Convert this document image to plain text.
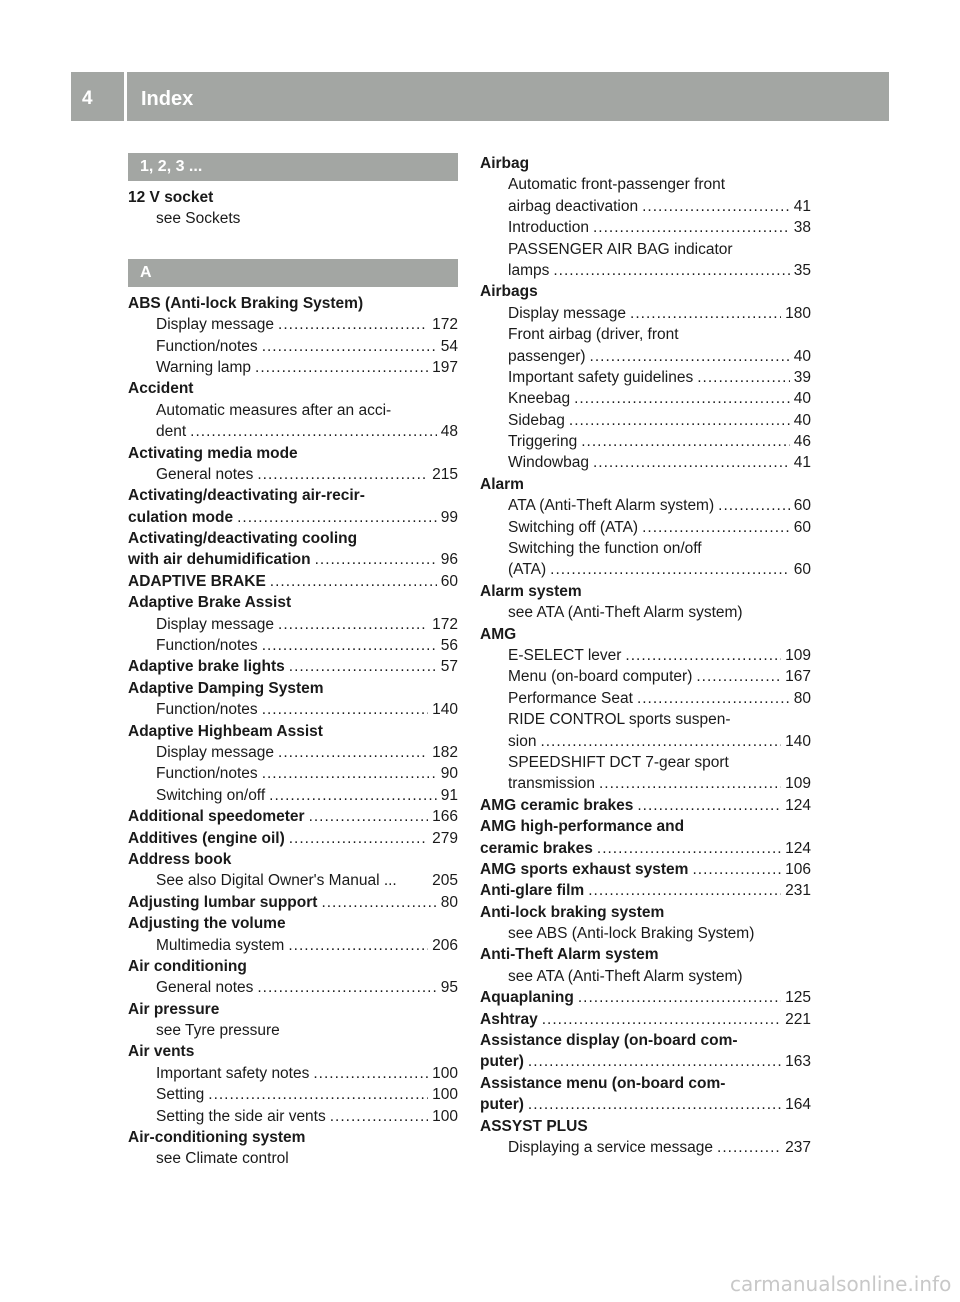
4 Index
1, 2, 3 ...
12 V socket
see Sockets
A
ABS (Anti-lock Braking System)
Display message .....	172
Function/notes .....	54
Warning lamp .....	197
Accident
Automatic measures after an acci-
dent .....	48
Activating media mode
General notes .....	215
Activating/deactivating air-recir-
culation mode .....	99
Activating/deactivating cooling
with air dehumidification .....	96
ADAPTIVE BRAKE .....	60
Adaptive Brake Assist
Display message .....	172
Function/notes .....	56
Adaptive brake lights .....	57
Adaptive Damping System
Function/notes .....	140
Adaptive Highbeam Assist
Display message .....	182
Function/notes .....	90
Switching on/off .....	91
Additional speedometer .....	166
Additives (engine oil) .....	279
Address book
See also Digital Owner's Manual ... 205
Adjusting lumbar support .....	80
Adjusting the volume
Multimedia system .....	206
Air conditioning
General notes .....	95
Air pressure
see Tyre pressure
Air vents
Important safety notes .....	100
Setting .....	100
Setting the side air vents .....	100
Air-conditioning system
see Climate control
Airbag
Automatic front-passenger front
airbag deactivation .....	41
Introduction .....	38
PASSENGER AIR BAG indicator
lamps .....	35
Airbags
Display message .....	180
Front airbag (driver, front
passenger) .....	40
Important safety guidelines .....	39
Kneebag .....	40
Sidebag .....	40
Triggering .....	46
Windowbag .....	41
Alarm
ATA (Anti-Theft Alarm system) .....	60
Switching off (ATA) .....	60
Switching the function on/off
(ATA) .....	60
Alarm system
see ATA (Anti-Theft Alarm system)
AMG
E-SELECT lever .....	109
Menu (on-board computer) .....	167
Performance Seat .....	80
RIDE CONTROL sports suspen-
sion .....	140
SPEEDSHIFT DCT 7-gear sport
transmission .....	109
AMG ceramic brakes .....	124
AMG high-performance and
ceramic brakes .....	124
AMG sports exhaust system .....	106
Anti-glare film .....	231
Anti-lock braking system
see ABS (Anti-lock Braking System)
Anti-Theft Alarm system
see ATA (Anti-Theft Alarm system)
Aquaplaning .....	125
Ashtray .....	221
Assistance display (on-board com-
puter) .....	163
Assistance menu (on-board com-
puter) .....	164
ASSYST PLUS
Displaying a service message .....	237
carmanualsonline.info
